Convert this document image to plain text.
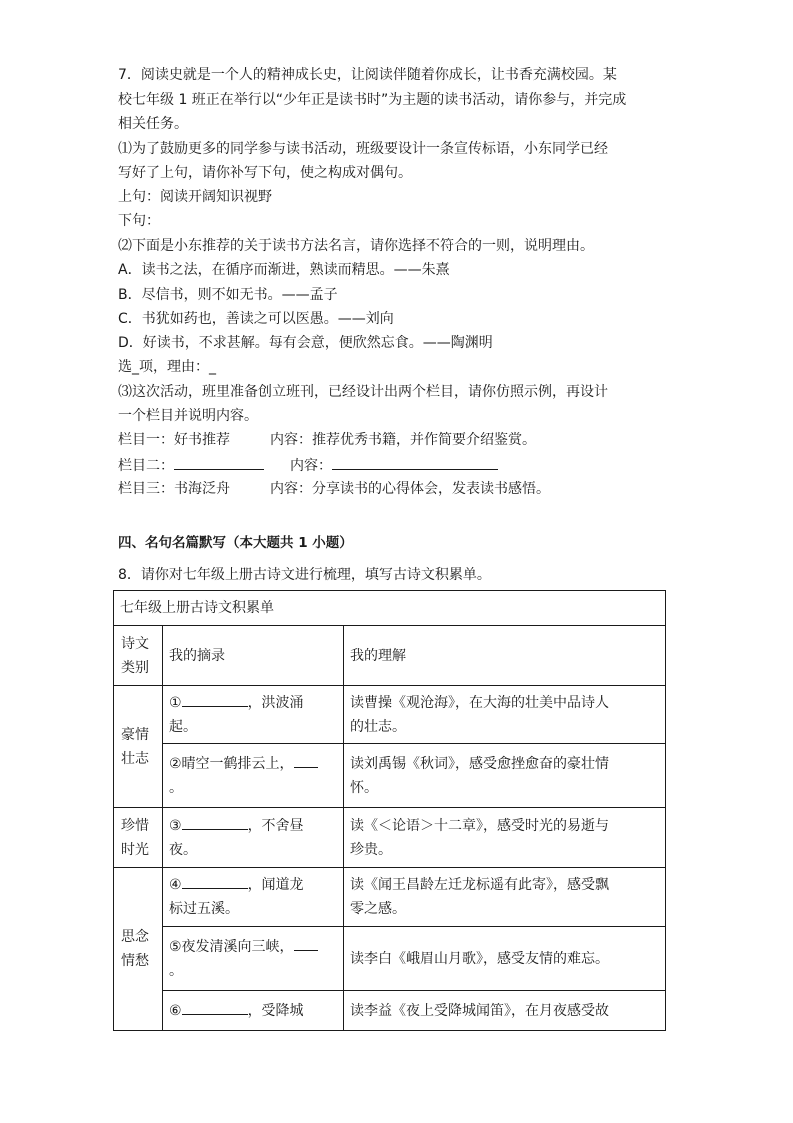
7．阅读史就是一个人的精神成长史，让阅读伴随着你成长，让书香充满校园。某
校七年级 1 班正在举行以“少年正是读书时”为主题的读书活动，请你参与，并完成
相关任务。
⑴为了鼓励更多的同学参与读书活动，班级要设计一条宣传标语，小东同学已经
写好了上句，请你补写下句，使之构成对偶句。
上句：阅读开阔知识视野
下句：
⑵下面是小东推荐的关于读书方法名言，请你选择不符合的一则，说明理由。
A．读书之法，在循序而渐进，熟读而精思。——朱熹
B．尽信书，则不如无书。——孟子
C．书犹如药也，善读之可以医愚。——刘向
D．好读书，不求甚解。每有会意，便欣然忘食。——陶渊明
选_项，理由：_
⑶这次活动，班里准备创立班刊，已经设计出两个栏目，请你仿照示例，再设计
一个栏目并说明内容。
栏目一：好书推荐	内容：推荐优秀书籍，并作简要介绍鉴赏。
栏目二：	内容：
栏目三：书海泛舟	内容：分享读书的心得体会，发表读书感悟。
四、名句名篇默写（本大题共 1 小题）
8．请你对七年级上册古诗文进行梳理，填写古诗文积累单。
七年级上册古诗文积累单		
诗文
类别	我的摘录	我的理解
豪情
壮志	① ，洪波涌
起。	读曹操《观沧海》，在大海的壮美中品诗人
的壮志。
	②晴空一鹤排云上，
。	读刘禹锡《秋词》，感受愈挫愈奋的豪壮情
怀。
珍惜
时光	③ ，不舍昼
夜。	读《＜论语＞十二章》，感受时光的易逝与
珍贵。
思念
情愁	④ ，闻道龙
标过五溪。	读《闻王昌龄左迁龙标遥有此寄》，感受飘
零之感。
	⑤夜发清溪向三峡，
。	读李白《峨眉山月歌》，感受友情的难忘。
	⑥ ，受降城	读李益《夜上受降城闻笛》，在月夜感受故
